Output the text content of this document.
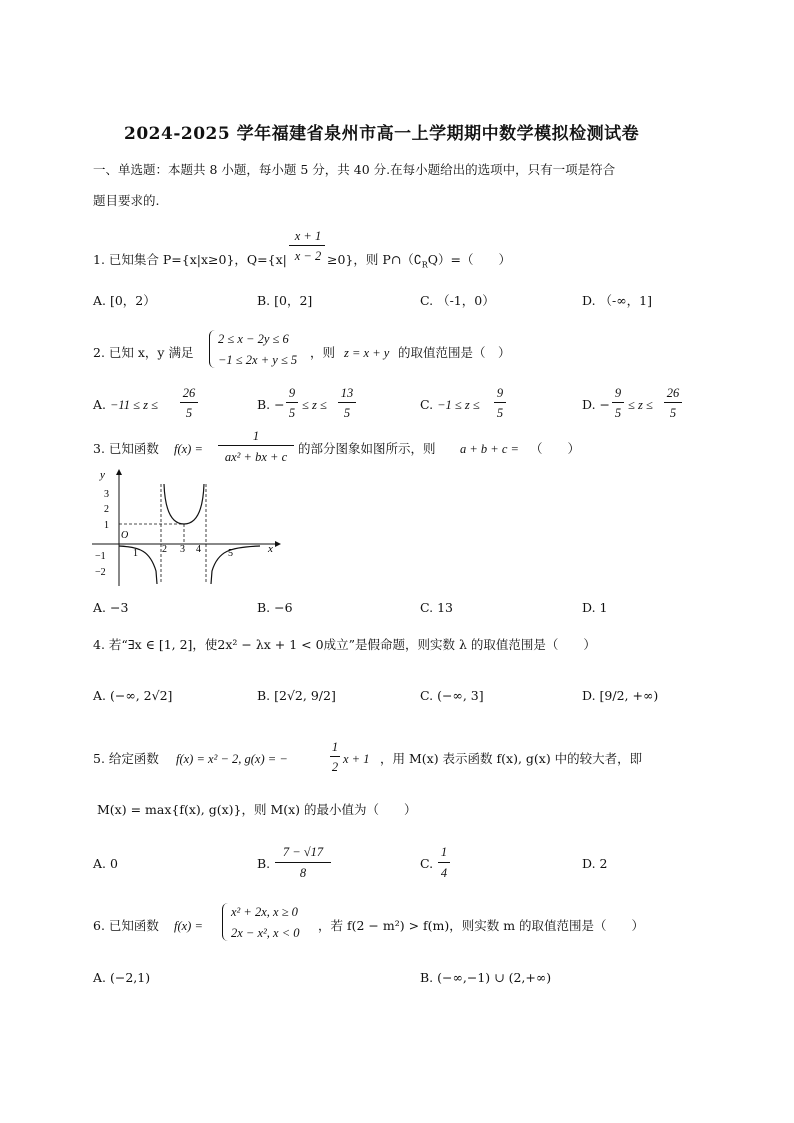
2024-2025 学年福建省泉州市高一上学期期中数学模拟检测试卷
一、单选题：本题共 8 小题，每小题 5 分，共 40 分.在每小题给出的选项中，只有一项是符合
题目要求的.
1. 已知集合 P={x|x≥0}，Q={x|
x + 1
x − 2 ≥0}，则 $P\cap(∁_RQ)=$（　　）
A. [0，2）	B. [0，2]	C. （-1，0）	D. （-∞，1]
2. 已知 x，y 满足
2 ≤ x − 2y ≤ 6
−1 ≤ 2x + y ≤ 5 ，则 z = x + y 的取值范围是（　）
A. −11 ≤ z ≤
26
5
B. −
9
5
≤ z ≤
13
5
C. −1 ≤ z ≤
9
5
D. −
9
5
≤ z ≤
26
5
3. 已知函数 f(x) =
1
ax² + bx + c
的部分图象如图所示，则 a + b + c = （　　）
y
x
O
3
2
1
−1
−2
1 2 3 4	5
A. −3	B. −6	C. 13	D. 1
4. 若“∃x ∈ [1, 2]，使2x² − λx + 1 < 0成立”是假命题，则实数 λ 的取值范围是（　　）
A. (−∞, 2√2]	B. [2√2, 9/2]	C. (−∞, 3]	D. [9/2, +∞)
5. 给定函数 f(x) = x² − 2, g(x) = −
1
2
x + 1 ，用 M(x) 表示函数 f(x), g(x) 中的较大者，即
M(x) = max{f(x), g(x)}，则 M(x) 的最小值为（　　）
A. 0	B.
7 − √17
8
C.
1
4
D. 2
6. 已知函数 f(x) =
x² + 2x, x ≥ 0
2x − x², x < 0 ，若 f(2 − m²) > f(m)，则实数 m 的取值范围是（　　）
A. (−2,1)	B. (−∞,−1) ∪ (2,+∞)
